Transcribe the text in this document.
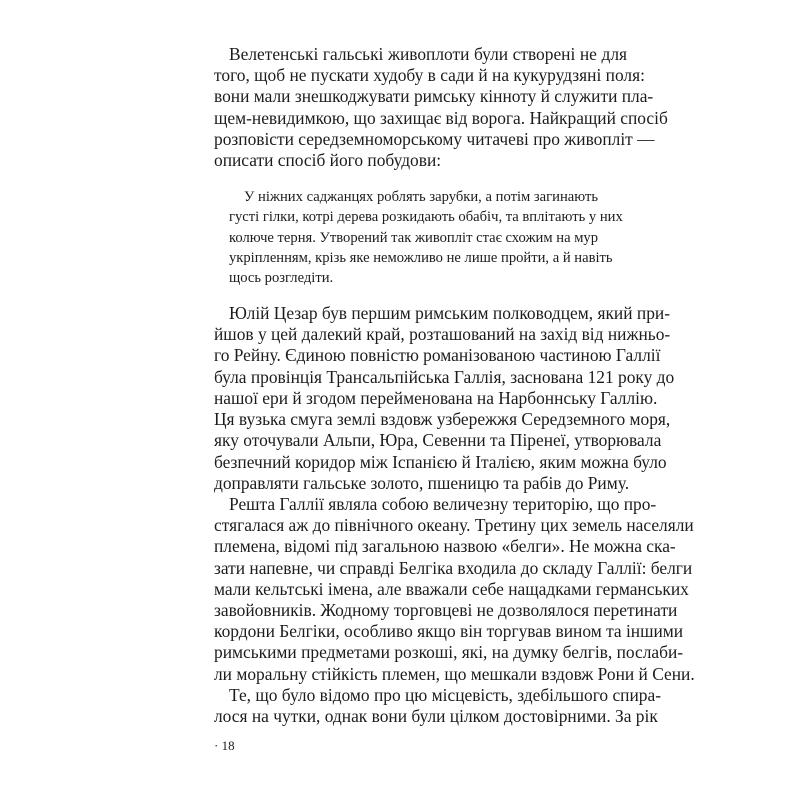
Велетенські гальські живоплоти були створені не для
того, щоб не пускати худобу в сади й на кукурудзяні поля:
вони мали знешкоджувати римську кінноту й служити пла-
щем-невидимкою, що захищає від ворога. Найкращий спосіб
розповісти середземноморському читачеві про живопліт —
описати спосіб його побудови:
У ніжних саджанцях роблять зарубки, а потім загинають
густі гілки, котрі дерева розкидають обабіч, та вплітають у них
колюче терня. Утворений так живопліт стає схожим на мур
укріпленням, крізь яке неможливо не лише пройти, а й навіть
щось розгледіти.
Юлій Цезар був першим римським полководцем, який при-
йшов у цей далекий край, розташований на захід від нижньо-
го Рейну. Єдиною повністю романізованою частиною Галлії
була провінція Трансальпійська Галлія, заснована 121 року до
нашої ери й згодом перейменована на Нарбоннську Галлію.
Ця вузька смуга землі вздовж узбережжя Середземного моря,
яку оточували Альпи, Юра, Севенни та Піренеї, утворювала
безпечний коридор між Іспанією й Італією, яким можна було
доправляти гальське золото, пшеницю та рабів до Риму.
Решта Галлії являла собою величезну територію, що про-
стягалася аж до північного океану. Третину цих земель населяли
племена, відомі під загальною назвою «белги». Не можна ска-
зати напевне, чи справді Белгіка входила до складу Галлії: белги
мали кельтські імена, але вважали себе нащадками германських
завойовників. Жодному торговцеві не дозволялося перетинати
кордони Белгіки, особливо якщо він торгував вином та іншими
римськими предметами розкоші, які, на думку белгів, послаби-
ли моральну стійкість племен, що мешкали вздовж Рони й Сени.
Те, що було відомо про цю місцевість, здебільшого спира-
лося на чутки, однак вони були цілком достовірними. За рік
· 18
